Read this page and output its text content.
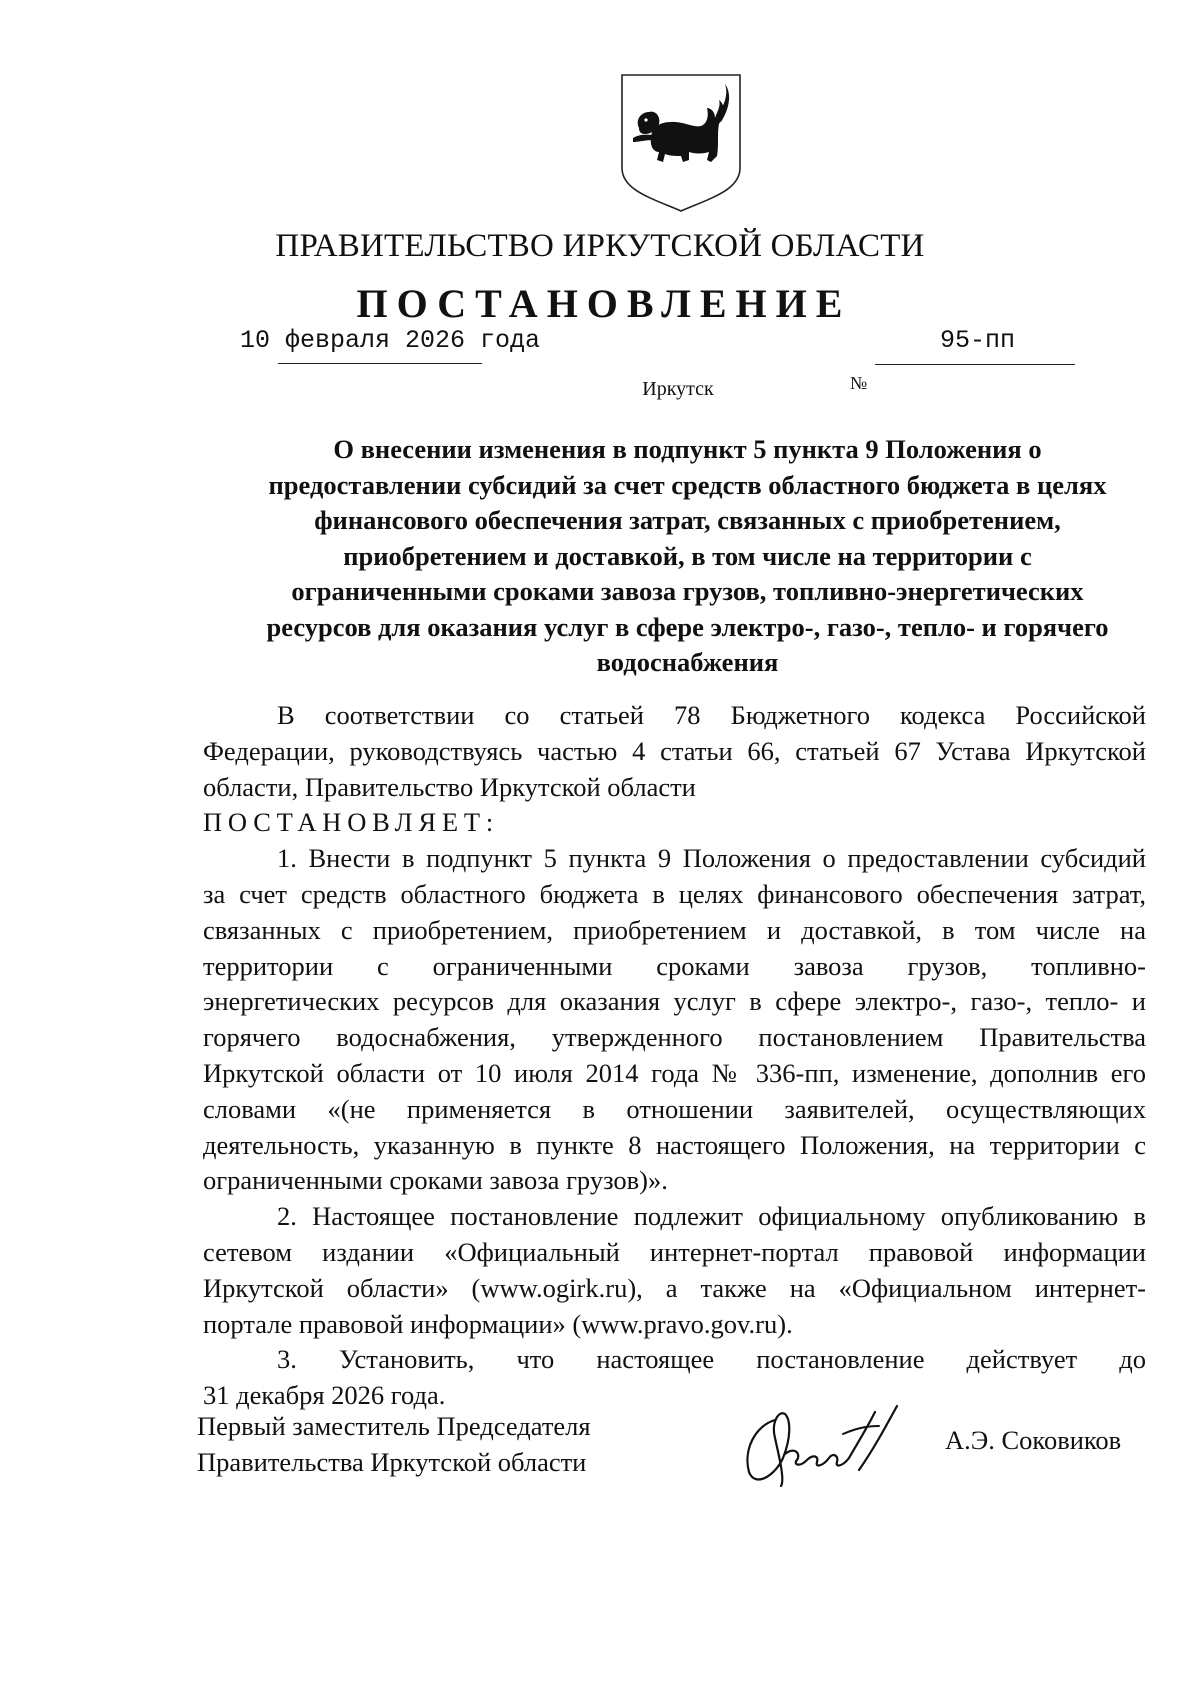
ПРАВИТЕЛЬСТВО ИРКУТСКОЙ ОБЛАСТИ
ПОСТАНОВЛЕНИЕ
10 февраля 2026 года
№
95-пп
Иркутск
О внесении изменения в подпункт 5 пункта 9 Положения о
предоставлении субсидий за счет средств областного бюджета в целях
финансового обеспечения затрат, связанных с приобретением,
приобретением и доставкой, в том числе на территории с
ограниченными сроками завоза грузов, топливно-энергетических
ресурсов для оказания услуг в сфере электро-, газо-, тепло- и горячего
водоснабжения
В соответствии со статьей 78 Бюджетного кодекса Российской
Федерации, руководствуясь частью 4 статьи 66, статьей 67 Устава Иркутской
области, Правительство Иркутской области
ПОСТАНОВЛЯЕТ:
1. Внести в подпункт 5 пункта 9 Положения о предоставлении субсидий
за счет средств областного бюджета в целях финансового обеспечения затрат,
связанных с приобретением, приобретением и доставкой, в том числе на
территории с ограниченными сроками завоза грузов, топливно-
энергетических ресурсов для оказания услуг в сфере электро-, газо-, тепло- и
горячего водоснабжения, утвержденного постановлением Правительства
Иркутской области от 10 июля 2014 года № 336-пп, изменение, дополнив его
словами «(не применяется в отношении заявителей, осуществляющих
деятельность, указанную в пункте 8 настоящего Положения, на территории с
ограниченными сроками завоза грузов)».
2. Настоящее постановление подлежит официальному опубликованию в
сетевом издании «Официальный интернет-портал правовой информации
Иркутской области» (www.ogirk.ru), а также на «Официальном интернет-
портале правовой информации» (www.pravo.gov.ru).
3. Установить, что настоящее постановление действует до
31 декабря 2026 года.
Первый заместитель Председателя
Правительства Иркутской области
А.Э. Соковиков
